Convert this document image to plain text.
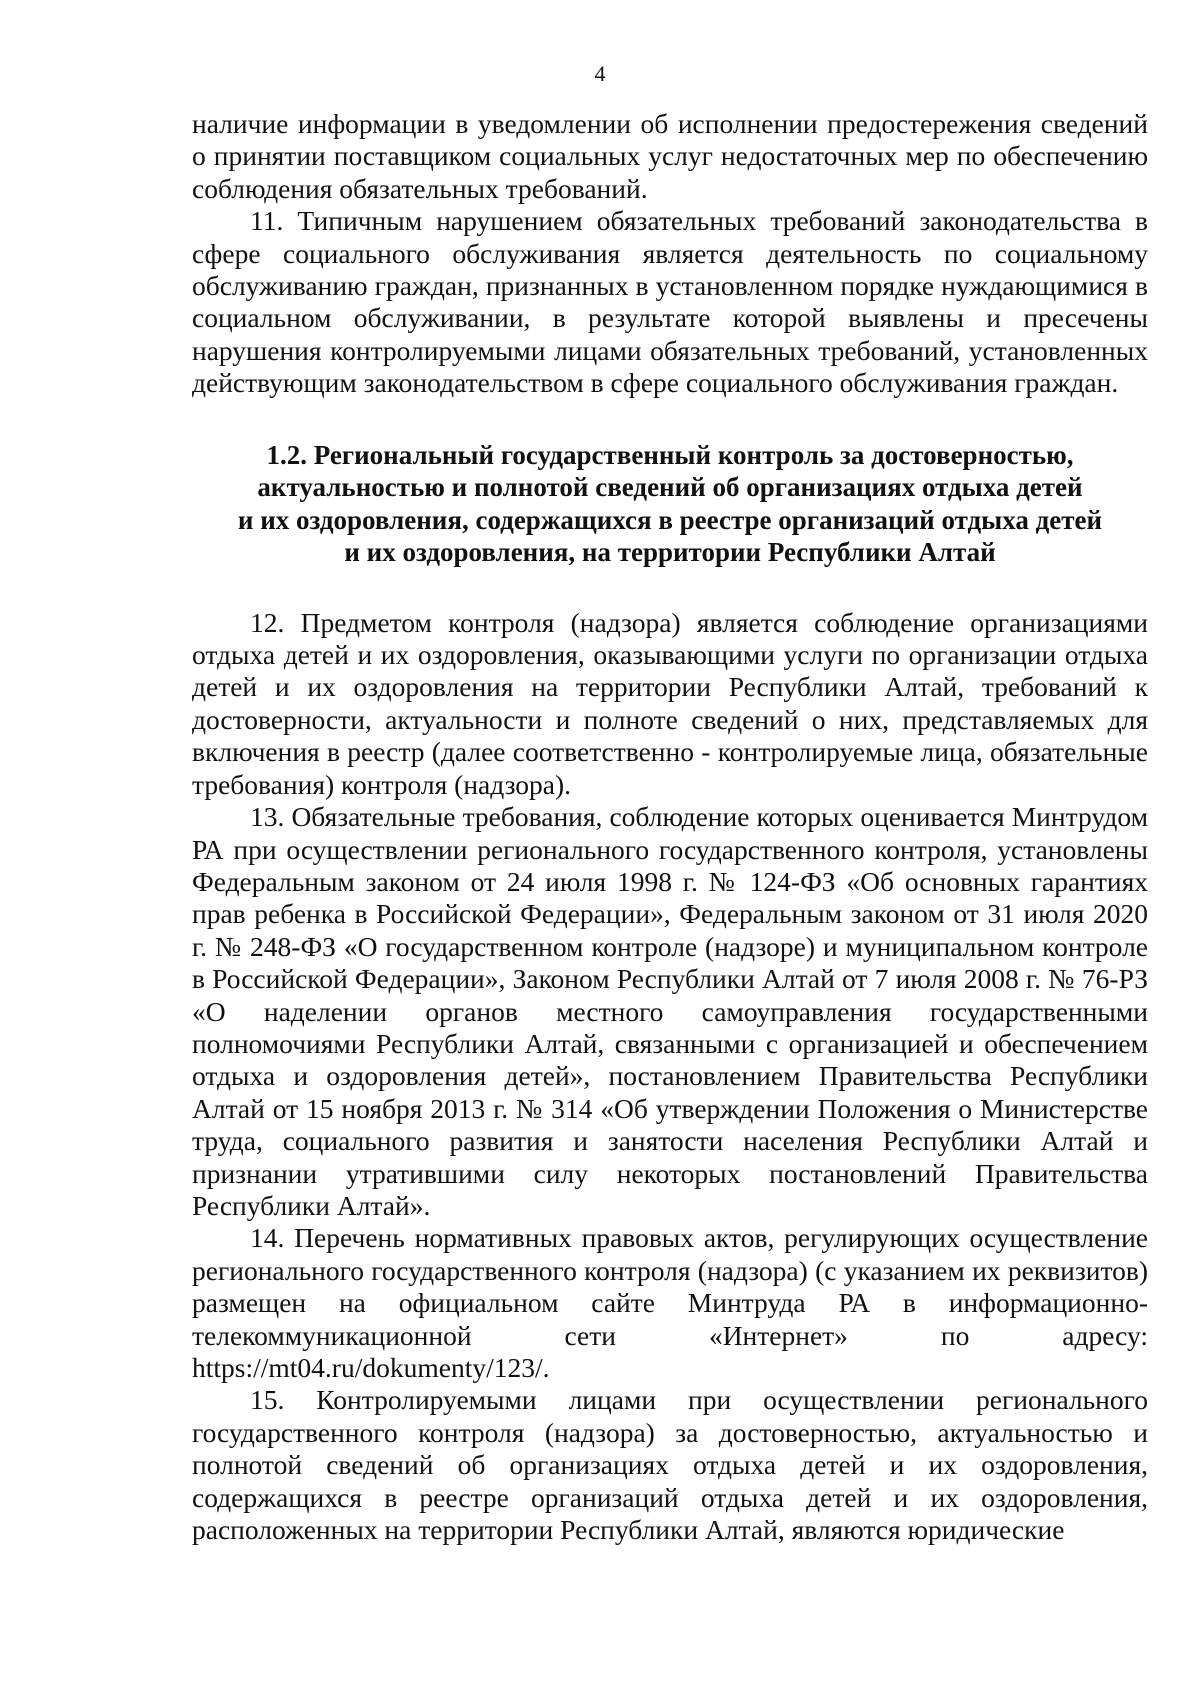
4

наличие информации в уведомлении об исполнении предостережения сведений о принятии поставщиком социальных услуг недостаточных мер по обеспечению соблюдения обязательных требований.

11. Типичным нарушением обязательных требований законодательства в сфере социального обслуживания является деятельность по социальному обслуживанию граждан, признанных в установленном порядке нуждающимися в социальном обслуживании, в результате которой выявлены и пресечены нарушения контролируемыми лицами обязательных требований, установленных действующим законодательством в сфере социального обслуживания граждан.

1.2. Региональный государственный контроль за достоверностью,
актуальностью и полнотой сведений об организациях отдыха детей
и их оздоровления, содержащихся в реестре организаций отдыха детей
и их оздоровления, на территории Республики Алтай

12. Предметом контроля (надзора) является соблюдение организациями отдыха детей и их оздоровления, оказывающими услуги по организации отдыха детей и их оздоровления на территории Республики Алтай, требований к достоверности, актуальности и полноте сведений о них, представляемых для включения в реестр (далее соответственно - контролируемые лица, обязательные требования) контроля (надзора).

13. Обязательные требования, соблюдение которых оценивается Минтрудом РА при осуществлении регионального государственного контроля, установлены Федеральным законом от 24 июля 1998 г. № 124-ФЗ «Об основных гарантиях прав ребенка в Российской Федерации», Федеральным законом от 31 июля 2020 г. № 248-ФЗ «О государственном контроле (надзоре) и муниципальном контроле в Российской Федерации», Законом Республики Алтай от 7 июля 2008 г. № 76-РЗ «О наделении органов местного самоуправления государственными полномочиями Республики Алтай, связанными с организацией и обеспечением отдыха и оздоровления детей», постановлением Правительства Республики Алтай от 15 ноября 2013 г. № 314 «Об утверждении Положения о Министерстве труда, социального развития и занятости населения Республики Алтай и признании утратившими силу некоторых постановлений Правительства Республики Алтай».

14. Перечень нормативных правовых актов, регулирующих осуществление регионального государственного контроля (надзора) (с указанием их реквизитов) размещен на официальном сайте Минтруда РА в информационно-телекоммуникационной сети «Интернет» по адресу: https://mt04.ru/dokumenty/123/.

15. Контролируемыми лицами при осуществлении регионального государственного контроля (надзора) за достоверностью, актуальностью и полнотой сведений об организациях отдыха детей и их оздоровления, содержащихся в реестре организаций отдыха детей и их оздоровления, расположенных на территории Республики Алтай, являются юридические
